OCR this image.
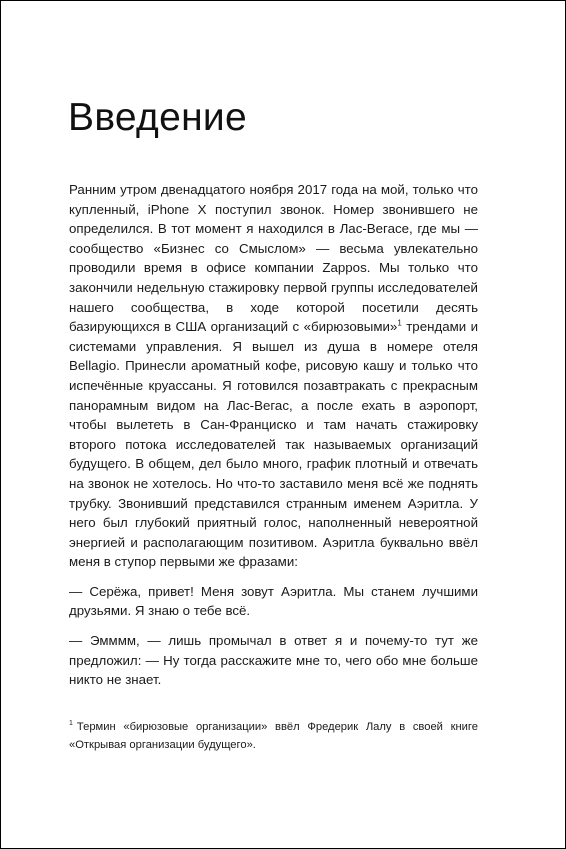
Введение

Ранним утром двенадцатого ноября 2017 года на мой, только что купленный, iPhone X поступил звонок. Номер звонившего не определился. В тот момент я находился в Лас-Вегасе, где мы — сообщество «Бизнес со Смыслом» — весьма увлекательно проводили время в офисе компании Zappos. Мы только что закончили недельную стажировку первой группы исследователей нашего сообщества, в ходе которой посетили десять базирующихся в США организаций с «бирюзовыми»$^1$ трендами и системами управления. Я вышел из душа в номере отеля Bellagio. Принесли ароматный кофе, рисовую кашу и только что испечённые круассаны. Я готовился позавтракать с прекрасным панорамным видом на Лас-Вегас, а после ехать в аэропорт, чтобы вылететь в Сан-Франциско и там начать стажировку второго потока исследователей так называемых организаций будущего. В общем, дел было много, график плотный и отвечать на звонок не хотелось. Но что-то заставило меня всё же поднять трубку. Звонивший представился странным именем Аэритла. У него был глубокий приятный голос, наполненный невероятной энергией и располагающим позитивом. Аэритла буквально ввёл меня в ступор первыми же фразами:

— Серёжа, привет! Меня зовут Аэритла. Мы станем лучшими друзьями. Я знаю о тебе всё.

— Эмммм, — лишь промычал в ответ я и почему-то тут же предложил: — Ну тогда расскажите мне то, чего обо мне больше никто не знает.

$^1$ Термин «бирюзовые организации» ввёл Фредерик Лалу в своей книге «Открывая организации будущего».
